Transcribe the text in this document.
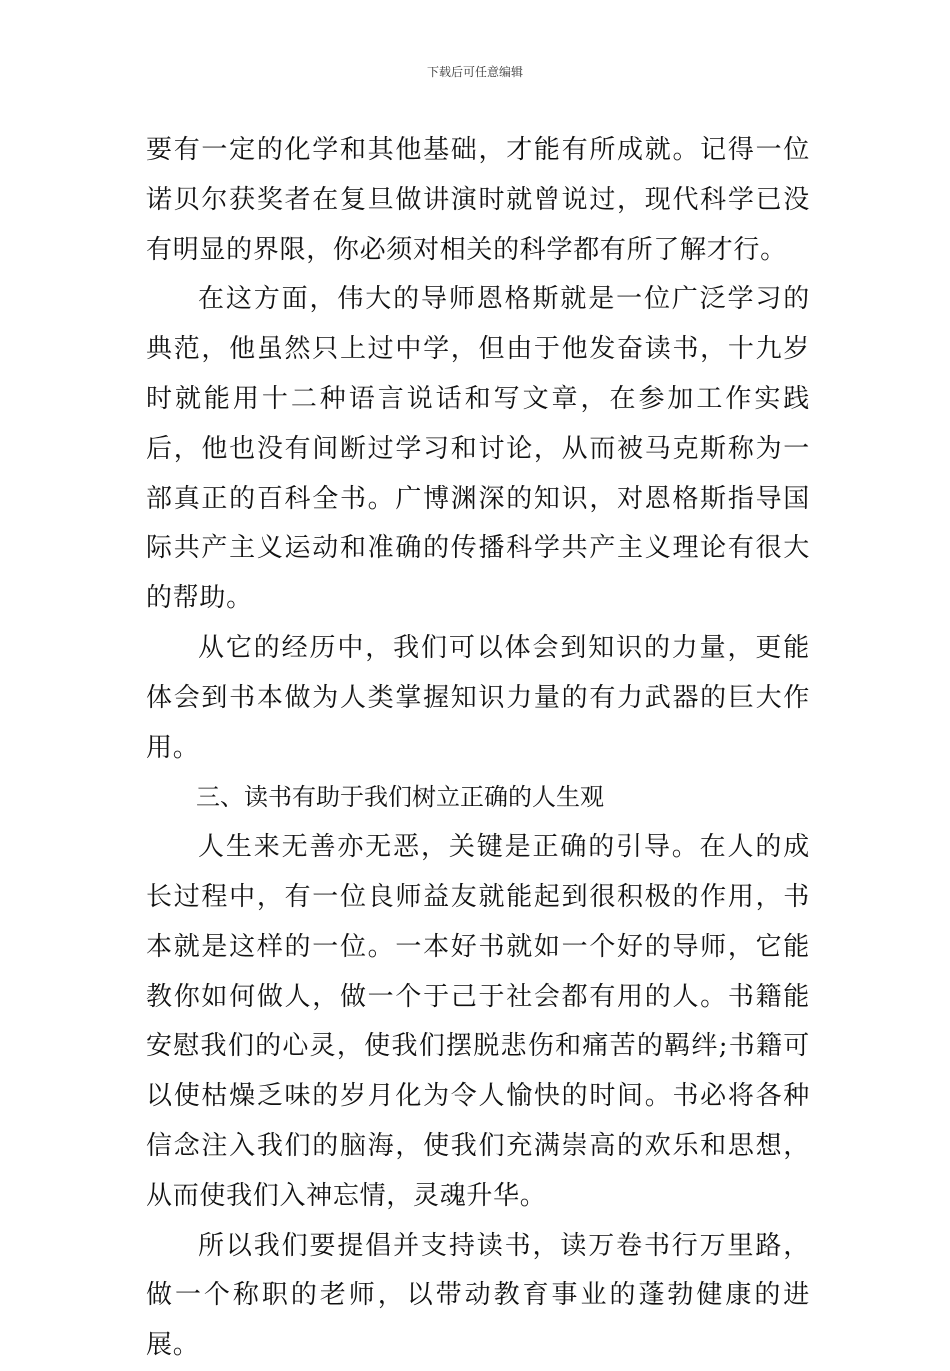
下载后可任意编辑

要有一定的化学和其他基础，才能有所成就。记得一位诺贝尔获奖者在复旦做讲演时就曾说过，现代科学已没有明显的界限，你必须对相关的科学都有所了解才行。

在这方面，伟大的导师恩格斯就是一位广泛学习的典范，他虽然只上过中学，但由于他发奋读书，十九岁时就能用十二种语言说话和写文章，在参加工作实践后，他也没有间断过学习和讨论，从而被马克斯称为一部真正的百科全书。广博渊深的知识，对恩格斯指导国际共产主义运动和准确的传播科学共产主义理论有很大的帮助。

从它的经历中，我们可以体会到知识的力量，更能体会到书本做为人类掌握知识力量的有力武器的巨大作用。

三、读书有助于我们树立正确的人生观

人生来无善亦无恶，关键是正确的引导。在人的成长过程中，有一位良师益友就能起到很积极的作用，书本就是这样的一位。一本好书就如一个好的导师，它能教你如何做人，做一个于己于社会都有用的人。书籍能安慰我们的心灵，使我们摆脱悲伤和痛苦的羁绊;书籍可以使枯燥乏味的岁月化为令人愉快的时间。书必将各种信念注入我们的脑海，使我们充满崇高的欢乐和思想，从而使我们入神忘情，灵魂升华。

所以我们要提倡并支持读书，读万卷书行万里路，做一个称职的老师，以带动教育事业的蓬勃健康的进展。
